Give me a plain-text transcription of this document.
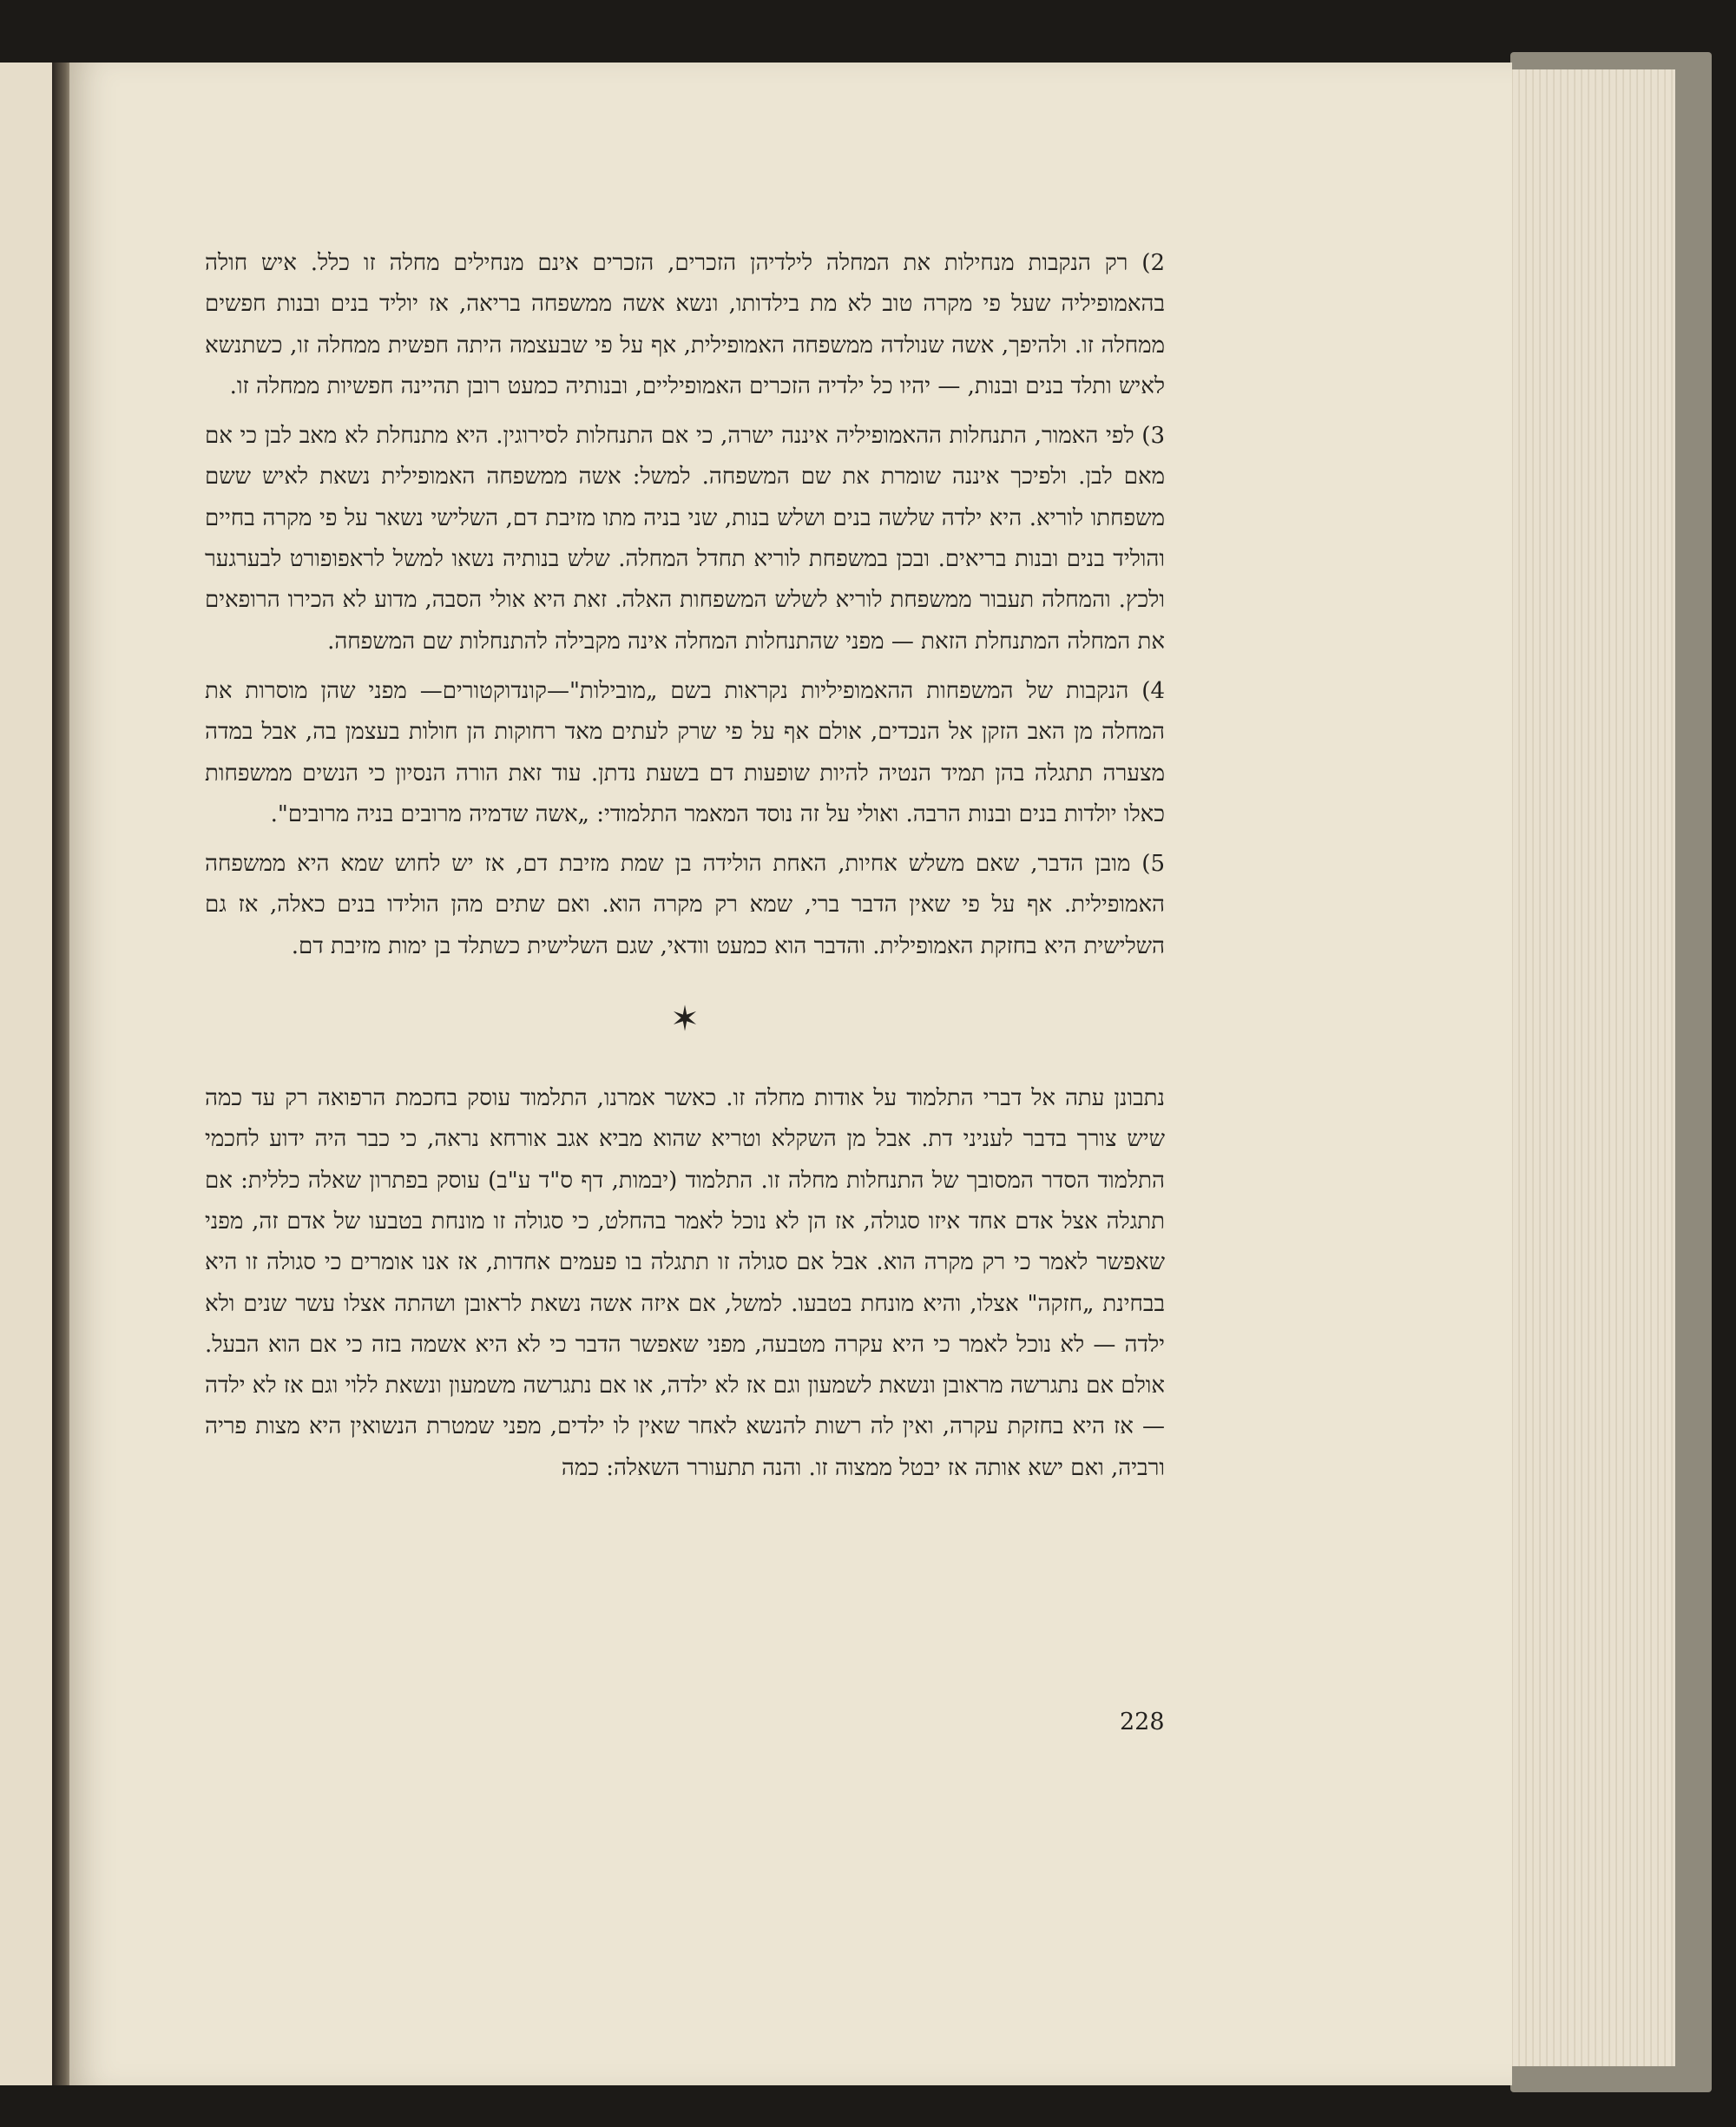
2) רק הנקבות מנחילות את המחלה לילדיהן הזכרים, הזכרים אינם מנחילים מחלה זו כלל. איש חולה בהאמופיליה שעל פי מקרה טוב לא מת בילדותו, ונשא אשה ממשפחה בריאה, אז יוליד בנים ובנות חפשים ממחלה זו. ולהיפך, אשה שנולדה ממשפחה האמופילית, אף על פי שבעצמה היתה חפשית ממחלה זו, כשתנשא לאיש ותלד בנים ובנות, — יהיו כל ילדיה הזכרים האמופיליים, ובנותיה כמעט רובן תהיינה חפשיות ממחלה זו.

3) לפי האמור, התנחלות ההאמופיליה איננה ישרה, כי אם התנחלות לסירוגין. היא מתנחלת לא מאב לבן כי אם מאם לבן. ולפיכך איננה שומרת את שם המשפחה. למשל: אשה ממשפחה האמופילית נשאת לאיש ששם משפחתו לוריא. היא ילדה שלשה בנים ושלש בנות, שני בניה מתו מזיבת דם, השלישי נשאר על פי מקרה בחיים והוליד בנים ובנות בריאים. ובכן במשפחת לוריא תחדל המחלה. שלש בנותיה נשאו למשל לראפופורט לבערגער ולכץ. והמחלה תעבור ממשפחת לוריא לשלש המשפחות האלה. זאת היא אולי הסבה, מדוע לא הכירו הרופאים את המחלה המתנחלת הזאת — מפני שהתנחלות המחלה אינה מקבילה להתנחלות שם המשפחה.

4) הנקבות של המשפחות ההאמופיליות נקראות בשם „מובילות"—קונדוקטורים— מפני שהן מוסרות את המחלה מן האב הזקן אל הנכדים, אולם אף על פי שרק לעתים מאד רחוקות הן חולות בעצמן בה, אבל במדה מצערה תתגלה בהן תמיד הנטיה להיות שופעות דם בשעת נדתן. עוד זאת הורה הנסיון כי הנשים ממשפחות כאלו יולדות בנים ובנות הרבה. ואולי על זה נוסד המאמר התלמודי: „אשה שדמיה מרובים בניה מרובים".

5) מובן הדבר, שאם משלש אחיות, האחת הולידה בן שמת מזיבת דם, אז יש לחוש שמא היא ממשפחה האמופילית. אף על פי שאין הדבר ברי, שמא רק מקרה הוא. ואם שתים מהן הולידו בנים כאלה, אז גם השלישית היא בחזקת האמופילית. והדבר הוא כמעט וודאי, שגם השלישית כשתלד בן ימות מזיבת דם.

✶

נתבונן עתה אל דברי התלמוד על אודות מחלה זו. כאשר אמרנו, התלמוד עוסק בחכמת הרפואה רק עד כמה שיש צורך בדבר לעניני דת. אבל מן השקלא וטריא שהוא מביא אגב אורחא נראה, כי כבר היה ידוע לחכמי התלמוד הסדר המסובך של התנחלות מחלה זו. התלמוד (יבמות, דף ס"ד ע"ב) עוסק בפתרון שאלה כללית: אם תתגלה אצל אדם אחד איזו סגולה, אז הן לא נוכל לאמר בהחלט, כי סגולה זו מונחת בטבעו של אדם זה, מפני שאפשר לאמר כי רק מקרה הוא. אבל אם סגולה זו תתגלה בו פעמים אחדות, אז אנו אומרים כי סגולה זו היא בבחינת „חזקה" אצלו, והיא מונחת בטבעו. למשל, אם איזה אשה נשאת לראובן ושהתה אצלו עשר שנים ולא ילדה — לא נוכל לאמר כי היא עקרה מטבעה, מפני שאפשר הדבר כי לא היא אשמה בזה כי אם הוא הבעל. אולם אם נתגרשה מראובן ונשאת לשמעון וגם אז לא ילדה, או אם נתגרשה משמעון ונשאת ללוי וגם אז לא ילדה — אז היא בחזקת עקרה, ואין לה רשות להנשא לאחר שאין לו ילדים, מפני שמטרת הנשואין היא מצות פריה ורביה, ואם ישא אותה אז יבטל ממצוה זו. והנה תתעורר השאלה: כמה

228
